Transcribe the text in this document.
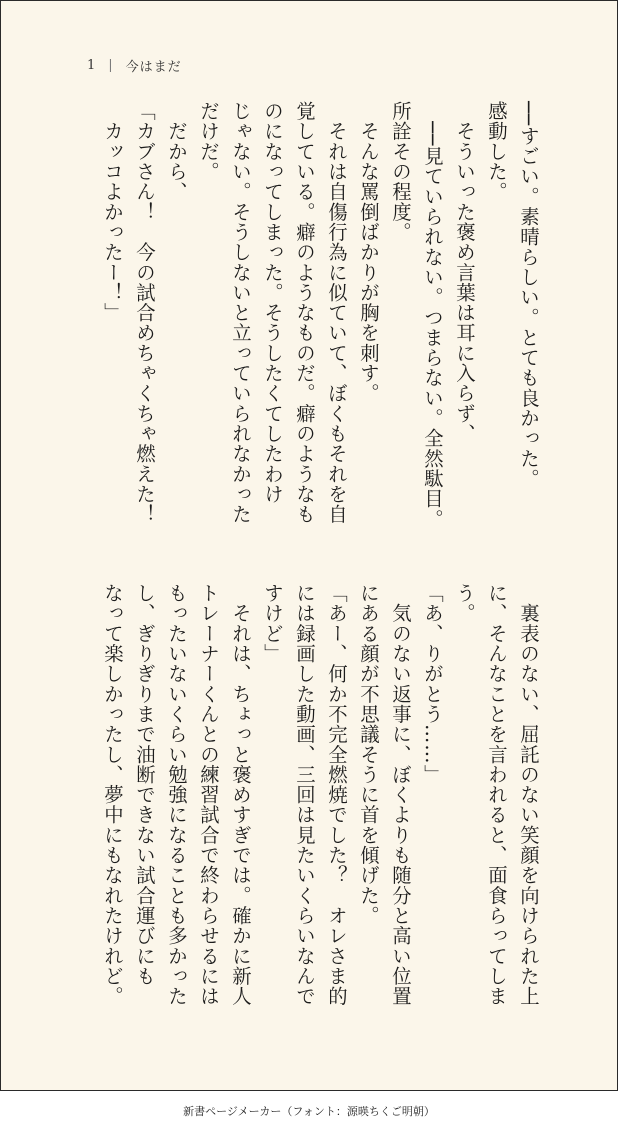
1 | 今はまだ
──すごい。素晴らしい。とても良かった。
感動した。
　そういった褒め言葉は耳に入らず、
　──見ていられない。つまらない。全然駄目。
所詮その程度。
　そんな罵倒ばかりが胸を刺す。
　それは自傷行為に似ていて、ぼくもそれを自
覚している。癖のようなものだ。癖のようなも
のになってしまった。そうしたくてしたわけ
じゃない。そうしないと立っていられなかった
だけだ。
　だから、
「カブさん！　今の試合めちゃくちゃ燃えた！
　カッコよかったー！」
　裏表のない、屈託のない笑顔を向けられた上
に、そんなことを言われると、面食らってしま
う。
「あ、りがとう……」
　気のない返事に、ぼくよりも随分と高い位置
にある顔が不思議そうに首を傾げた。
「あー、何か不完全燃焼でした？　オレさま的
には録画した動画、三回は見たいくらいなんで
すけど」
　それは、ちょっと褒めすぎでは。確かに新人
トレーナーくんとの練習試合で終わらせるには
もったいないくらい勉強になることも多かった
し、ぎりぎりまで油断できない試合運びにも
なって楽しかったし、夢中にもなれたけれど。
新書ページメーカー（フォント：源暎ちくご明朝）
